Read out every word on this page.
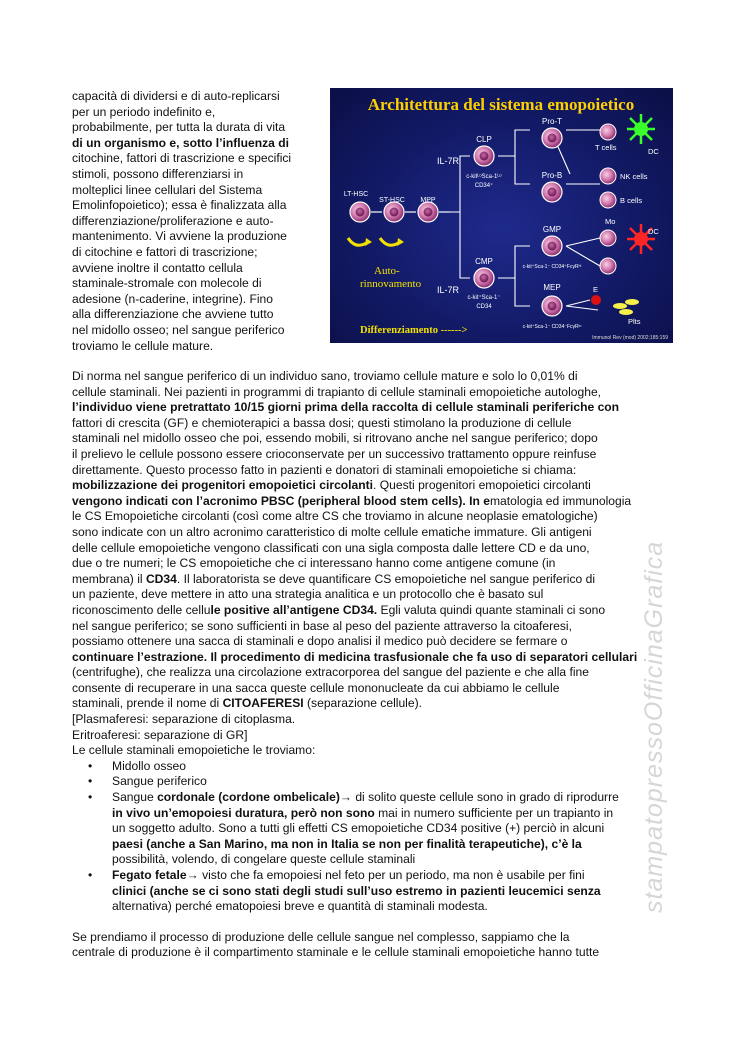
capacità di dividersi e di auto-replicarsi
per un periodo indefinito e,
probabilmente, per tutta la durata di vita
di un organismo e, sotto l’influenza di
citochine, fattori di trascrizione e specifici
stimoli, possono differenziarsi in
molteplici linee cellulari del Sistema
Emolinfopoietico); essa è finalizzata alla
differenziazione/proliferazione e auto-
mantenimento. Vi avviene la produzione
di citochine e fattori di trascrizione;
avviene inoltre il contatto cellula
staminale-stromale con molecole di
adesione (n-caderine, integrine). Fino
alla differenziazione che avviene tutto
nel midollo osseo; nel sangue periferico
troviamo le cellule mature.
Architettura del sistema emopoietico
LT-HSC
ST-HSC MPP
Auto-
rinnovamento
IL-7R
IL-7R
CLP
CMP
Pro-T
Pro-B
GMP
MEP
c-kitᴸᵒSca-1ᴸᵒ
CD34⁺
c-kit⁺Sca-1⁻
CD34
c-kit⁺Sca-1⁻ CD34⁺FcγRʰⁱ
c-kit⁺Sca-1⁻ CD34⁻FcγRˡᵒ
T cells	DC
NK cells
B cells
Mo
DC
E
Plts
Differenziamento ------>
Immunol Rev (mod) 2002;185:159
Di norma nel sangue periferico di un individuo sano, troviamo cellule mature e solo lo 0,01% di
cellule staminali. Nei pazienti in programmi di trapianto di cellule staminali emopoietiche autologhe,
l’individuo viene pretrattato 10/15 giorni prima della raccolta di cellule staminali periferiche con
fattori di crescita (GF) e chemioterapici a bassa dosi; questi stimolano la produzione di cellule
staminali nel midollo osseo che poi, essendo mobili, si ritrovano anche nel sangue periferico; dopo
il prelievo le cellule possono essere crioconservate per un successivo trattamento oppure reinfuse
direttamente. Questo processo fatto in pazienti e donatori di staminali emopoietiche si chiama:
mobilizzazione dei progenitori emopoietici circolanti. Questi progenitori emopoietici circolanti
vengono indicati con l’acronimo PBSC (peripheral blood stem cells). In ematologia ed immunologia
le CS Emopoietiche circolanti (così come altre CS che troviamo in alcune neoplasie ematologiche)
sono indicate con un altro acronimo caratteristico di molte cellule ematiche immature. Gli antigeni
delle cellule emopoietiche vengono classificati con una sigla composta dalle lettere CD e da uno,
due o tre numeri; le CS emopoietiche che ci interessano hanno come antigene comune (in
membrana) il CD34. Il laboratorista se deve quantificare CS emopoietiche nel sangue periferico di
un paziente, deve mettere in atto una strategia analitica e un protocollo che è basato sul
riconoscimento delle cellule positive all’antigene CD34. Egli valuta quindi quante staminali ci sono
nel sangue periferico; se sono sufficienti in base al peso del paziente attraverso la citoaferesi,
possiamo ottenere una sacca di staminali e dopo analisi il medico può decidere se fermare o
continuare l’estrazione. Il procedimento di medicina trasfusionale che fa uso di separatori cellulari
(centrifughe), che realizza una circolazione extracorporea del sangue del paziente e che alla fine
consente di recuperare in una sacca queste cellule mononucleate da cui abbiamo le cellule
staminali, prende il nome di CITOAFERESI (separazione cellule).
[Plasmaferesi: separazione di citoplasma.
Eritroaferesi: separazione di GR]
Le cellule staminali emopoietiche le troviamo:
• Midollo osseo
• Sangue periferico
• Sangue cordonale (cordone ombelicale)→ di solito queste cellule sono in grado di riprodurre
in vivo un’emopoiesi duratura, però non sono mai in numero sufficiente per un trapianto in
un soggetto adulto. Sono a tutti gli effetti CS emopoietiche CD34 positive (+) perciò in alcuni
paesi (anche a San Marino, ma non in Italia se non per finalità terapeutiche), c’è la
possibilità, volendo, di congelare queste cellule staminali
• Fegato fetale→ visto che fa emopoiesi nel feto per un periodo, ma non è usabile per fini
clinici (anche se ci sono stati degli studi sull’uso estremo in pazienti leucemici senza
alternativa) perché ematopoiesi breve e quantità di staminali modesta.
Se prendiamo il processo di produzione delle cellule sangue nel complesso, sappiamo che la
centrale di produzione è il compartimento staminale e le cellule staminali emopoietiche hanno tutte
stampatopressoOfficinaGrafica
